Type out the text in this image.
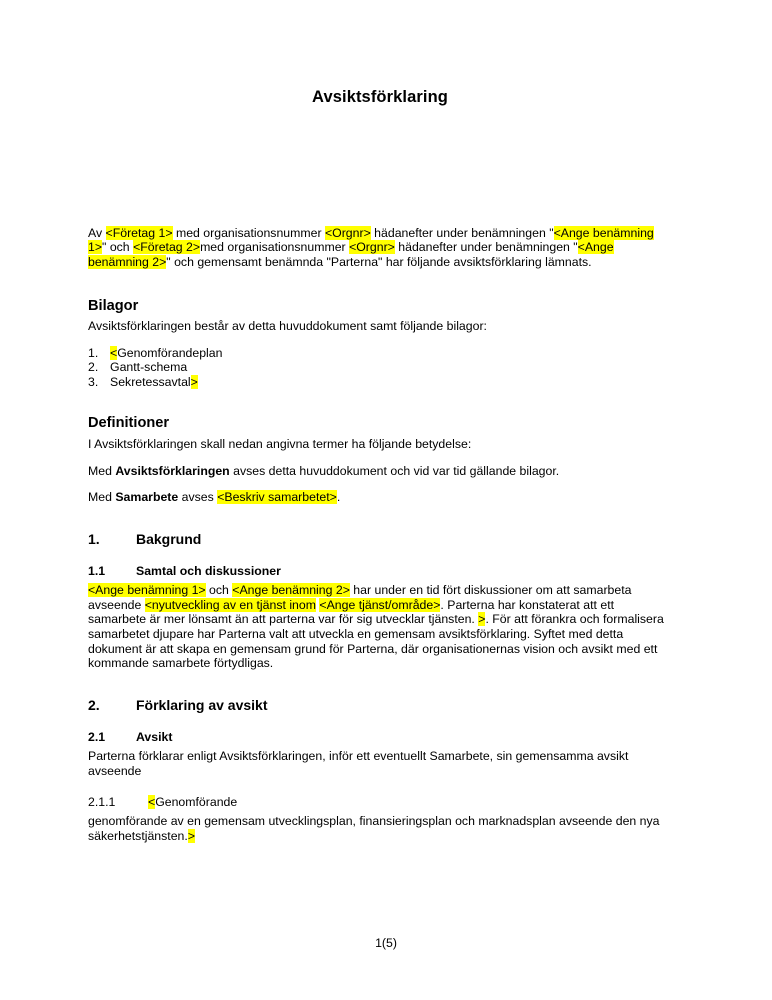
Avsiktsförklaring

Av <Företag 1> med organisationsnummer <Orgnr> hädanefter under benämningen "<Ange benämning 1>" och <Företag 2>med organisationsnummer <Orgnr> hädanefter under benämningen "<Ange benämning 2>" och gemensamt benämnda "Parterna" har följande avsiktsförklaring lämnats.

Bilagor

Avsiktsförklaringen består av detta huvuddokument samt följande bilagor:

1. <Genomförandeplan
2. Gantt-schema
3. Sekretessavtal>
Definitioner

I Avsiktsförklaringen skall nedan angivna termer ha följande betydelse:

Med Avsiktsförklaringen avses detta huvuddokument och vid var tid gällande bilagor.

Med Samarbete avses <Beskriv samarbetet>.

1.	Bakgrund
1.1	Samtal och diskussioner

<Ange benämning 1> och <Ange benämning 2> har under en tid fört diskussioner om att samarbeta avseende <nyutveckling av en tjänst inom <Ange tjänst/område>. Parterna har konstaterat att ett samarbete är mer lönsamt än att parterna var för sig utvecklar tjänsten. >. För att förankra och formalisera samarbetet djupare har Parterna valt att utveckla en gemensam avsiktsförklaring. Syftet med detta dokument är att skapa en gemensam grund för Parterna, där organisationernas vision och avsikt med ett kommande samarbete förtydligas.

2.	Förklaring av avsikt
2.1	Avsikt

Parterna förklarar enligt Avsiktsförklaringen, inför ett eventuellt Samarbete, sin gemensamma avsikt avseende

2.1.1	<Genomförande

genomförande av en gemensam utvecklingsplan, finansieringsplan och marknadsplan avseende den nya säkerhetstjänsten.>

1(5)
